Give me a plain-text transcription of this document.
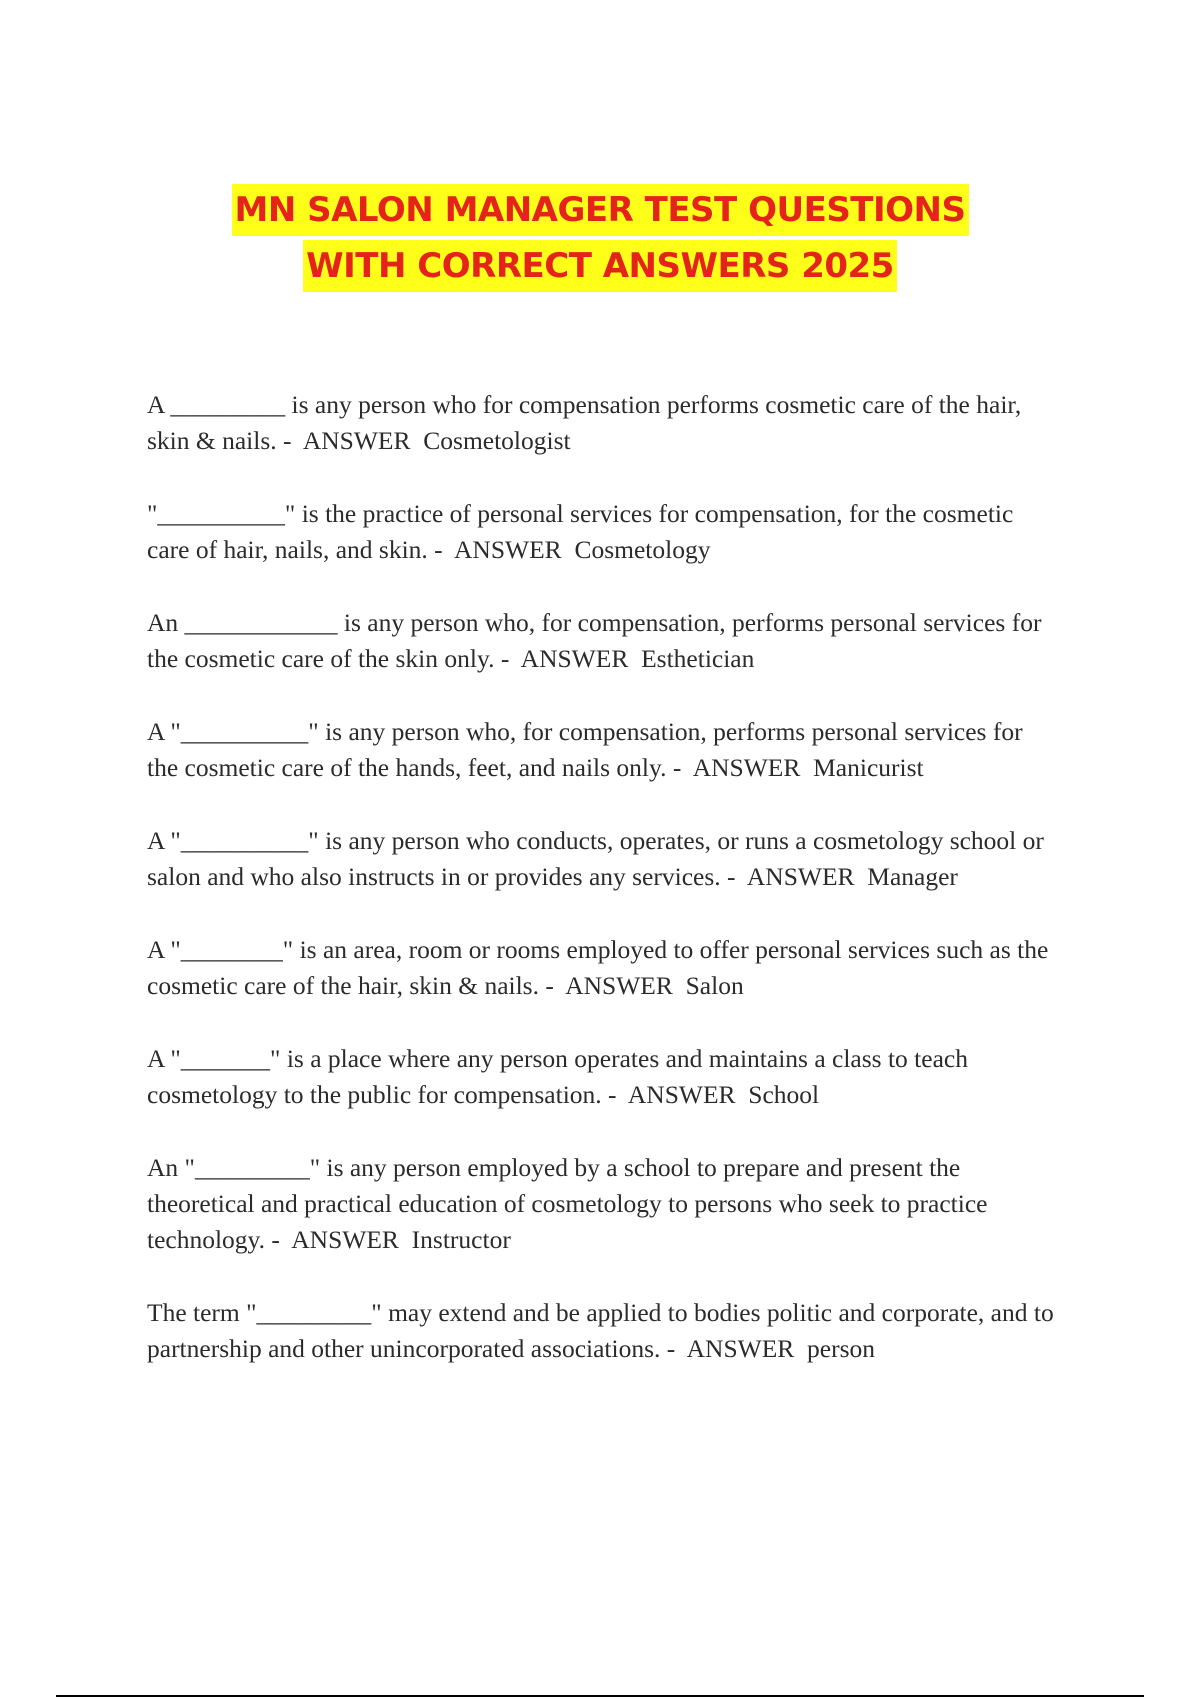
MN SALON MANAGER TEST QUESTIONS
WITH CORRECT ANSWERS 2025
A _________ is any person who for compensation performs cosmetic care of the hair, skin & nails. - ANSWER Cosmetologist
"__________" is the practice of personal services for compensation, for the cosmetic care of hair, nails, and skin. - ANSWER Cosmetology
An ____________ is any person who, for compensation, performs personal services for the cosmetic care of the skin only. - ANSWER Esthetician
A "__________" is any person who, for compensation, performs personal services for the cosmetic care of the hands, feet, and nails only. - ANSWER Manicurist
A "__________" is any person who conducts, operates, or runs a cosmetology school or salon and who also instructs in or provides any services. - ANSWER Manager
A "________" is an area, room or rooms employed to offer personal services such as the cosmetic care of the hair, skin & nails. - ANSWER Salon
A "_______" is a place where any person operates and maintains a class to teach cosmetology to the public for compensation. - ANSWER School
An "_________" is any person employed by a school to prepare and present the theoretical and practical education of cosmetology to persons who seek to practice technology. - ANSWER Instructor
The term "_________" may extend and be applied to bodies politic and corporate, and to partnership and other unincorporated associations. - ANSWER person
